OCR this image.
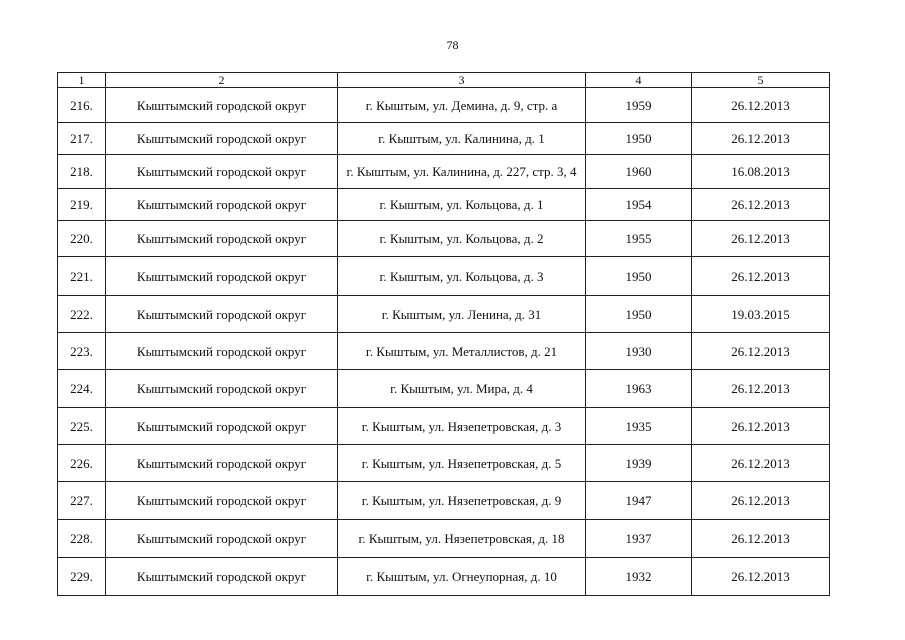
78
1	2	3	4	5
216.	Кыштымский городской округ	г. Кыштым, ул. Демина, д. 9, стр. а	1959	26.12.2013
217.	Кыштымский городской округ	г. Кыштым, ул. Калинина, д. 1	1950	26.12.2013
218.	Кыштымский городской округ	г. Кыштым, ул. Калинина, д. 227, стр. 3, 4	1960	16.08.2013
219.	Кыштымский городской округ	г. Кыштым, ул. Кольцова, д. 1	1954	26.12.2013
220.	Кыштымский городской округ	г. Кыштым, ул. Кольцова, д. 2	1955	26.12.2013
221.	Кыштымский городской округ	г. Кыштым, ул. Кольцова, д. 3	1950	26.12.2013
222.	Кыштымский городской округ	г. Кыштым, ул. Ленина, д. 31	1950	19.03.2015
223.	Кыштымский городской округ	г. Кыштым, ул. Металлистов, д. 21	1930	26.12.2013
224.	Кыштымский городской округ	г. Кыштым, ул. Мира, д. 4	1963	26.12.2013
225.	Кыштымский городской округ	г. Кыштым, ул. Нязепетровская, д. 3	1935	26.12.2013
226.	Кыштымский городской округ	г. Кыштым, ул. Нязепетровская, д. 5	1939	26.12.2013
227.	Кыштымский городской округ	г. Кыштым, ул. Нязепетровская, д. 9	1947	26.12.2013
228.	Кыштымский городской округ	г. Кыштым, ул. Нязепетровская, д. 18	1937	26.12.2013
229.	Кыштымский городской округ	г. Кыштым, ул. Огнеупорная, д. 10	1932	26.12.2013
